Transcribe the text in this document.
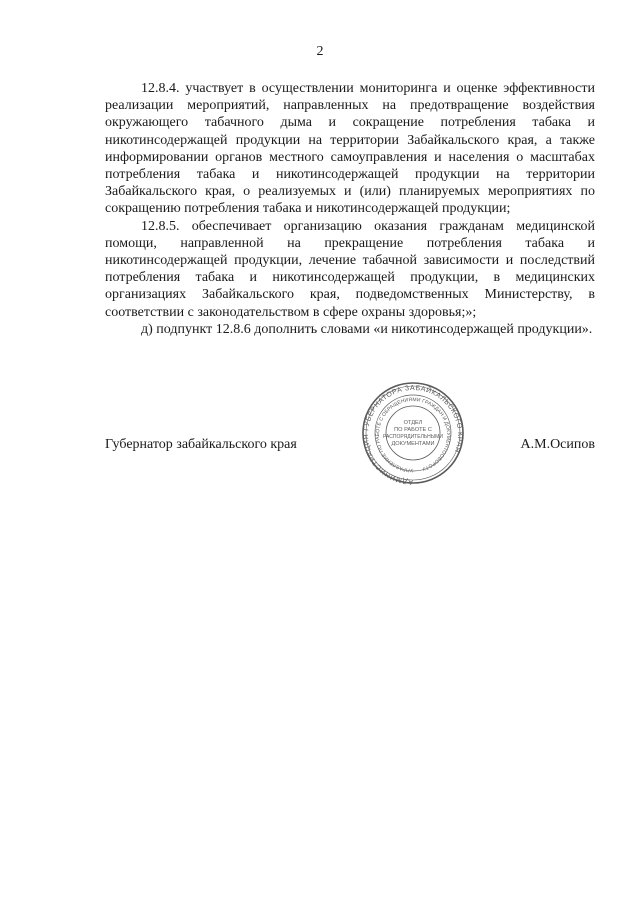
2

12.8.4. участвует в осуществлении мониторинга и оценке эффективности реализации мероприятий, направленных на предотвращение воздействия окружающего табачного дыма и сокращение потребления табака и никотинсодержащей продукции на территории Забайкальского края, а также информировании органов местного самоуправления и населения о масштабах потребления табака и никотинсодержащей продукции на территории Забайкальского края, о реализуемых и (или) планируемых мероприятиях по сокращению потребления табака и никотинсодержащей продукции;

12.8.5. обеспечивает организацию оказания гражданам медицинской помощи, направленной на прекращение потребления табака и никотинсодержащей продукции, лечение табачной зависимости и последствий потребления табака и никотинсодержащей продукции, в медицинских организациях Забайкальского края, подведомственных Министерству, в соответствии с законодательством в сфере охраны здоровья;»;

д) подпункт 12.8.6 дополнить словами «и никотинсодержащей продукции».

Губернатор забайкальского края	А.М.Осипов
АДМИНИСТРАЦИЯ ГУБЕРНАТОРА ЗАБАЙКАЛЬСКОГО КРАЯ
УПРАВЛЕНИЕ ПО РАБОТЕ С ОБРАЩЕНИЯМИ ГРАЖДАН И ДОКУМЕНТООБОРОТУ
ОТДЕЛ
ПО РАБОТЕ С
РАСПОРЯДИТЕЛЬНЫМИ
ДОКУМЕНТАМИ
